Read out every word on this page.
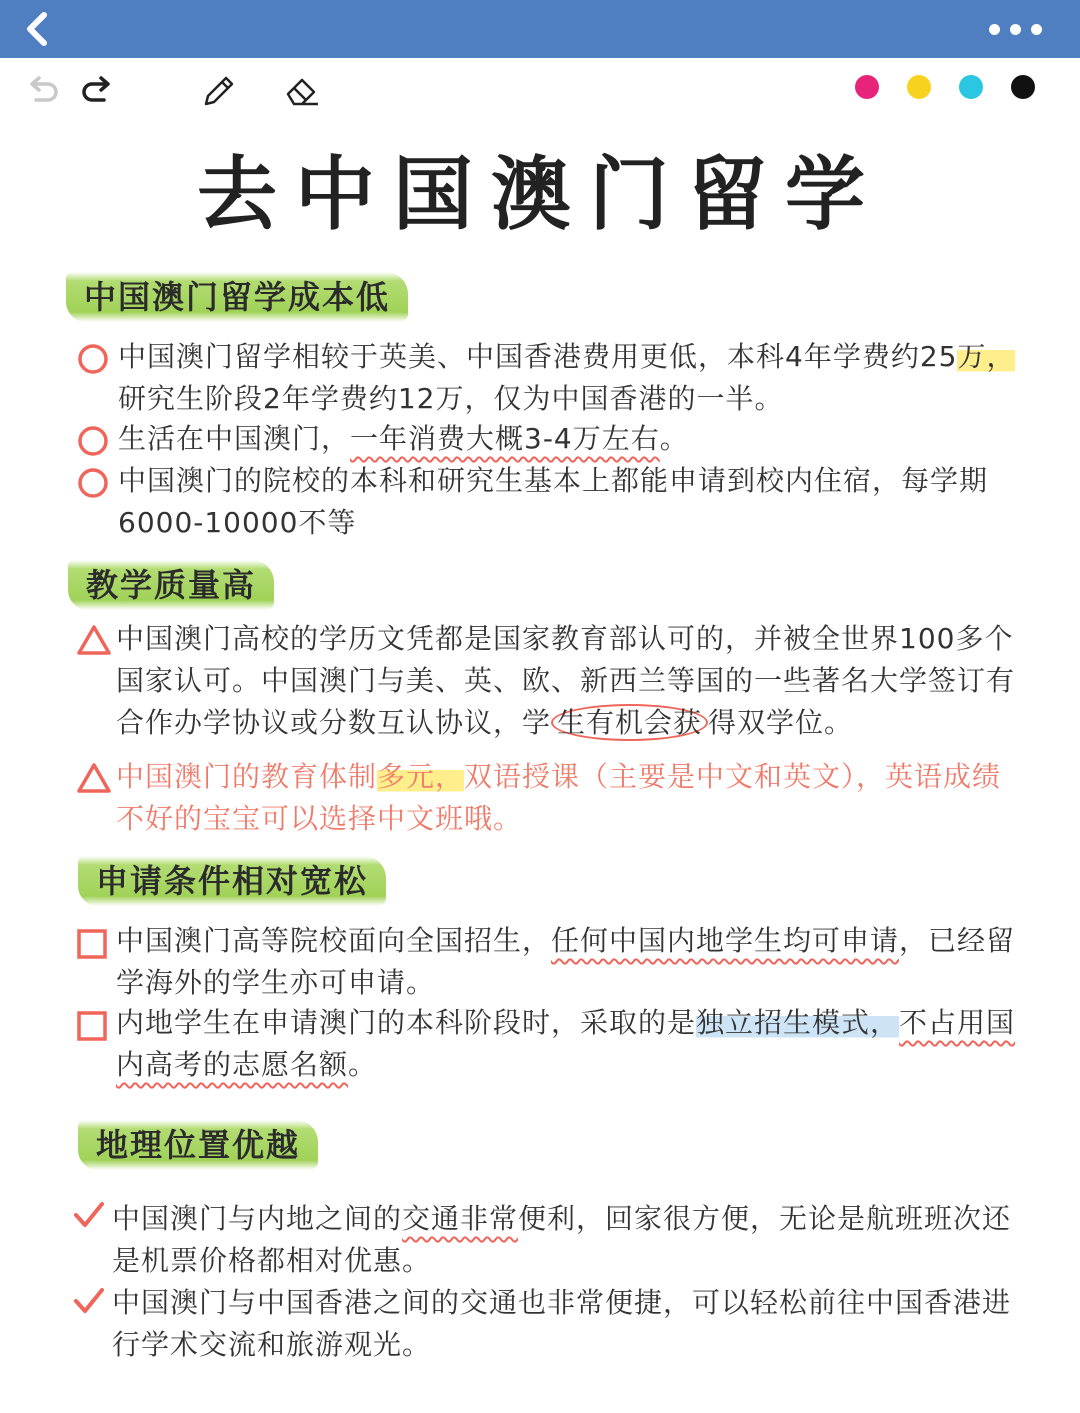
去中国澳门留学
中国澳门留学成本低
中国澳门留学相较于英美、中国香港费用更低，本科4年学费约25万，研究生阶段2年学费约12万，仅为中国香港的一半。
生活在中国澳门，一年消费大概3-4万左右。
中国澳门的院校的本科和研究生基本上都能申请到校内住宿，每学期6000-10000不等
教学质量高
中国澳门高校的学历文凭都是国家教育部认可的，并被全世界100多个国家认可。中国澳门与美、英、欧、新西兰等国的一些著名大学签订有合作办学协议或分数互认协议，学 生有机会获 得双学位。
中国澳门的教育体制多元，双语授课（主要是中文和英文），英语成绩不好的宝宝可以选择中文班哦。
申请条件相对宽松
中国澳门高等院校面向全国招生，任何中国内地学生均可申请，已经留学海外的学生亦可申请。
内地学生在申请澳门的本科阶段时，采取的是独立招生模式，不占用国内高考的志愿名额。
地理位置优越
中国澳门与内地之间的交通非常便利，回家很方便，无论是航班班次还是机票价格都相对优惠。
中国澳门与中国香港之间的交通也非常便捷，可以轻松前往中国香港进行学术交流和旅游观光。
